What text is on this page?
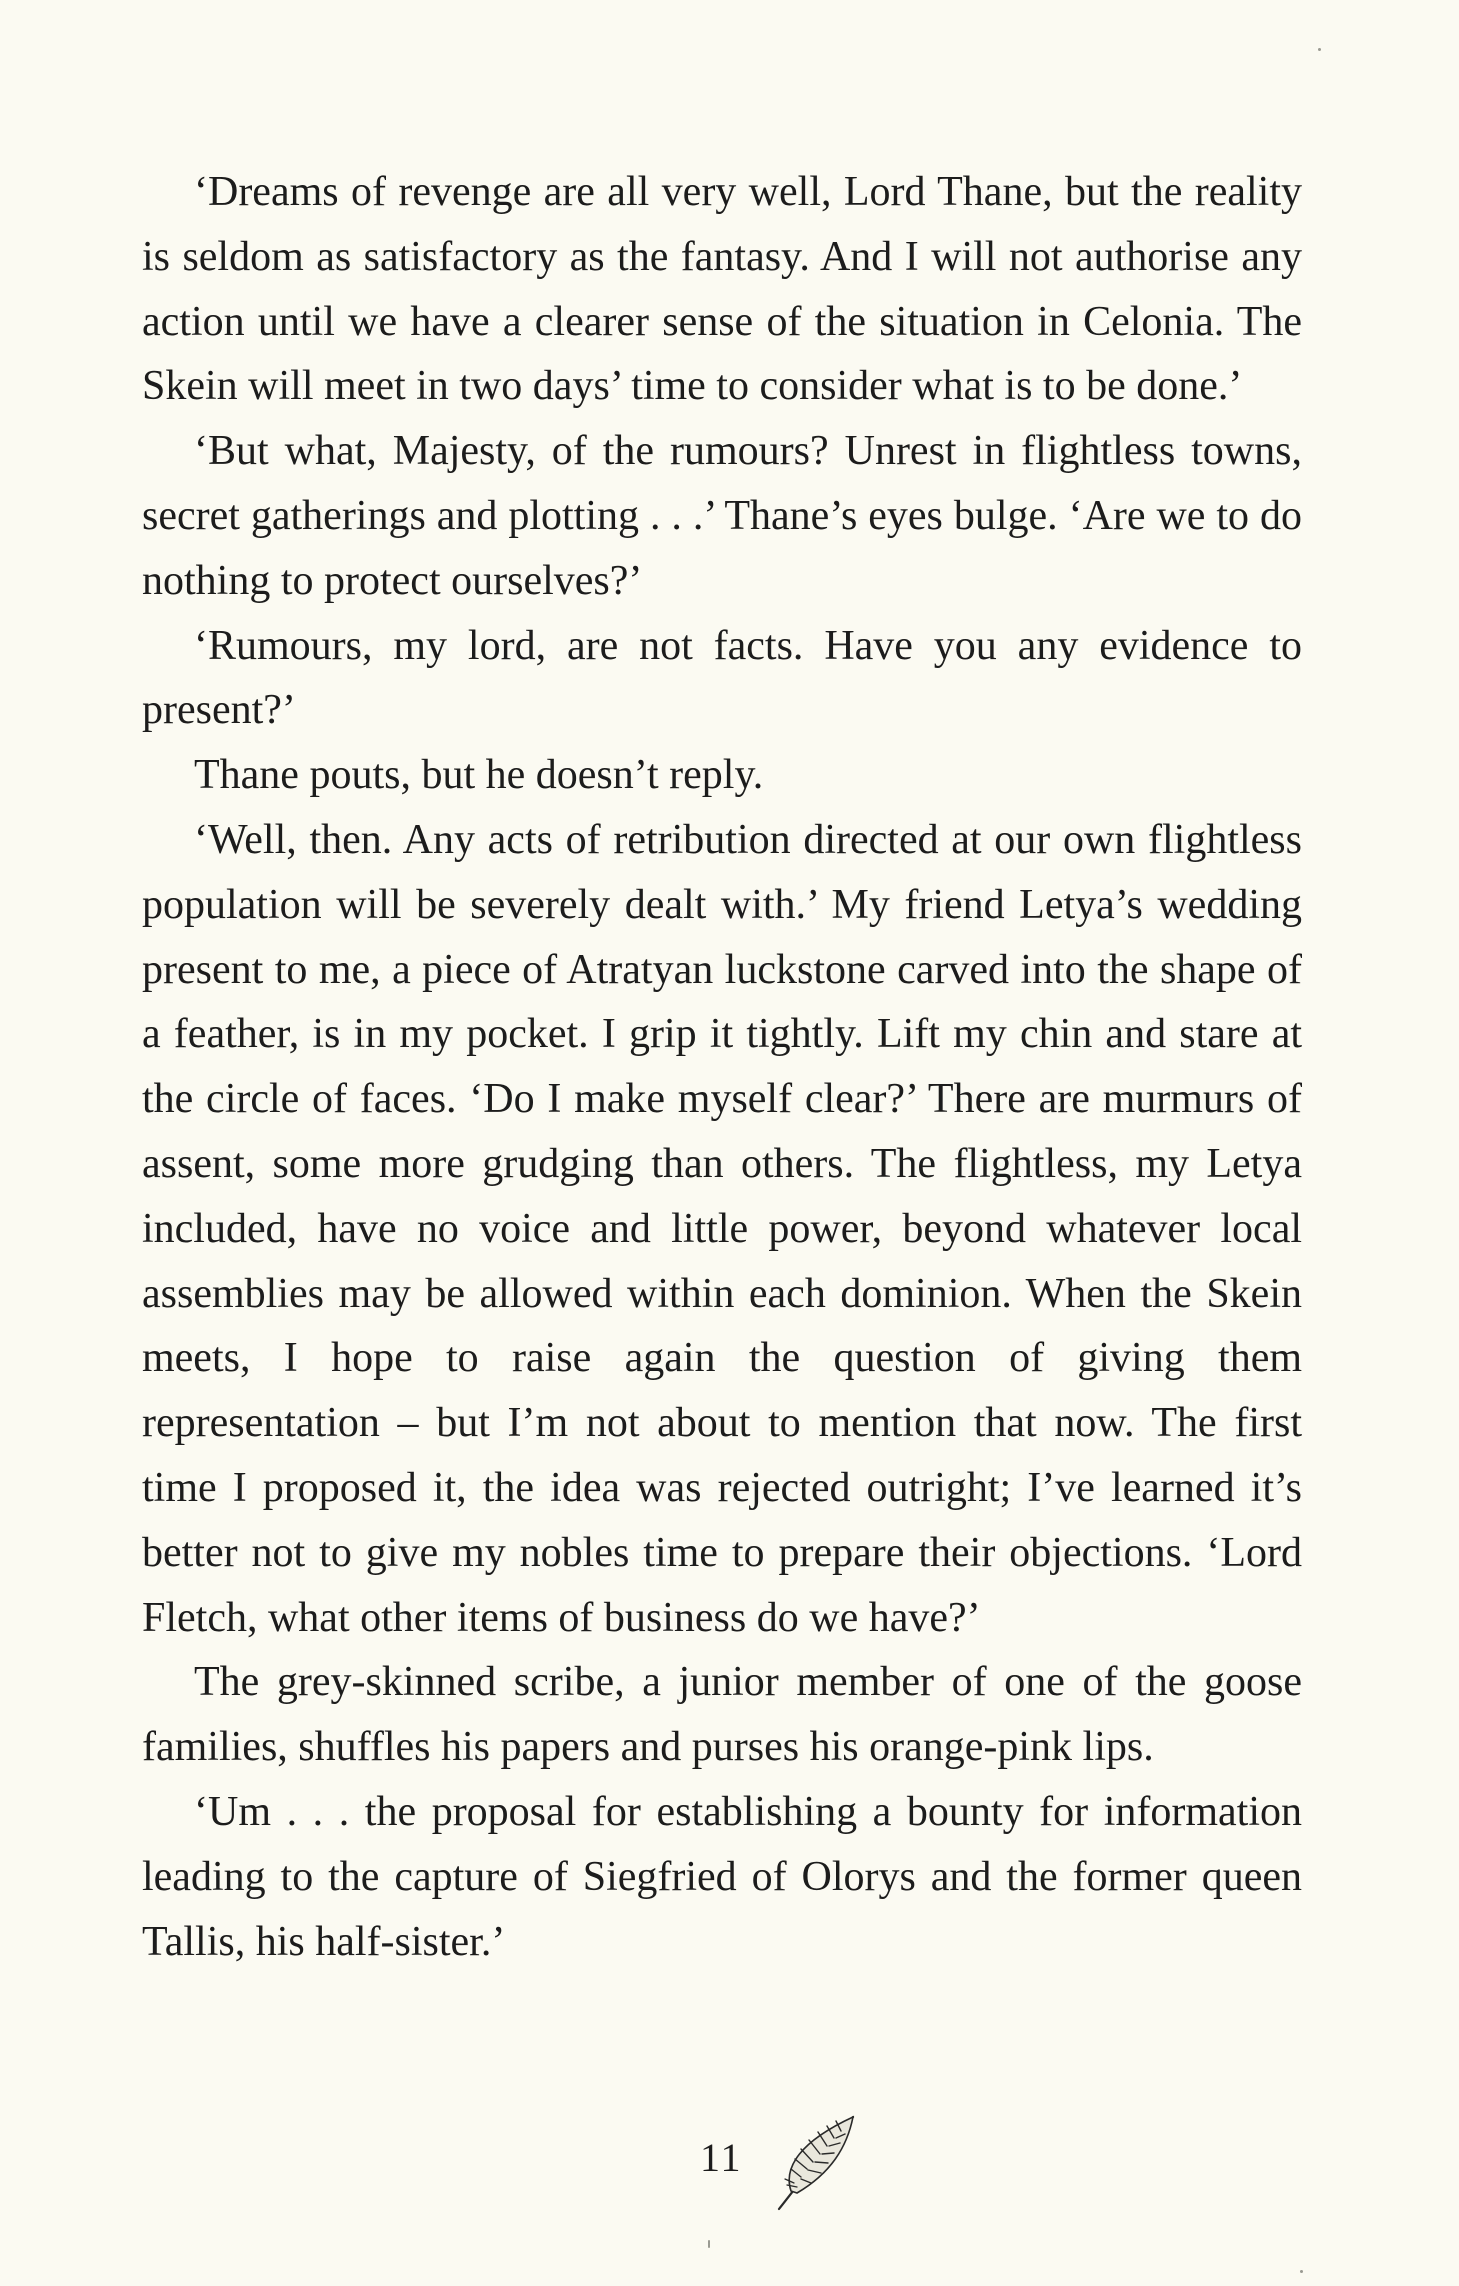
‘Dreams of revenge are all very well, Lord Thane, but the reality is seldom as satisfactory as the fantasy. And I will not authorise any action until we have a clearer sense of the situation in Celonia. The Skein will meet in two days’ time to consider what is to be done.’

‘But what, Majesty, of the rumours? Unrest in flightless towns, secret gatherings and plotting . . .’ Thane’s eyes bulge. ‘Are we to do nothing to protect ourselves?’

‘Rumours, my lord, are not facts. Have you any evidence to present?’

Thane pouts, but he doesn’t reply.

‘Well, then. Any acts of retribution directed at our own flightless population will be severely dealt with.’ My friend Letya’s wedding present to me, a piece of Atratyan luckstone carved into the shape of a feather, is in my pocket. I grip it tightly. Lift my chin and stare at the circle of faces. ‘Do I make myself clear?’ There are murmurs of assent, some more grudging than others. The flightless, my Letya included, have no voice and little power, beyond whatever local assemblies may be allowed within each dominion. When the Skein meets, I hope to raise again the question of giving them representation – but I’m not about to mention that now. The first time I proposed it, the idea was rejected outright; I’ve learned it’s better not to give my nobles time to prepare their objections. ‘Lord Fletch, what other items of business do we have?’

The grey-skinned scribe, a junior member of one of the goose families, shuffles his papers and purses his orange-pink lips.

‘Um . . . the proposal for establishing a bounty for information leading to the capture of Siegfried of Olorys and the former queen Tallis, his half-sister.’

11
